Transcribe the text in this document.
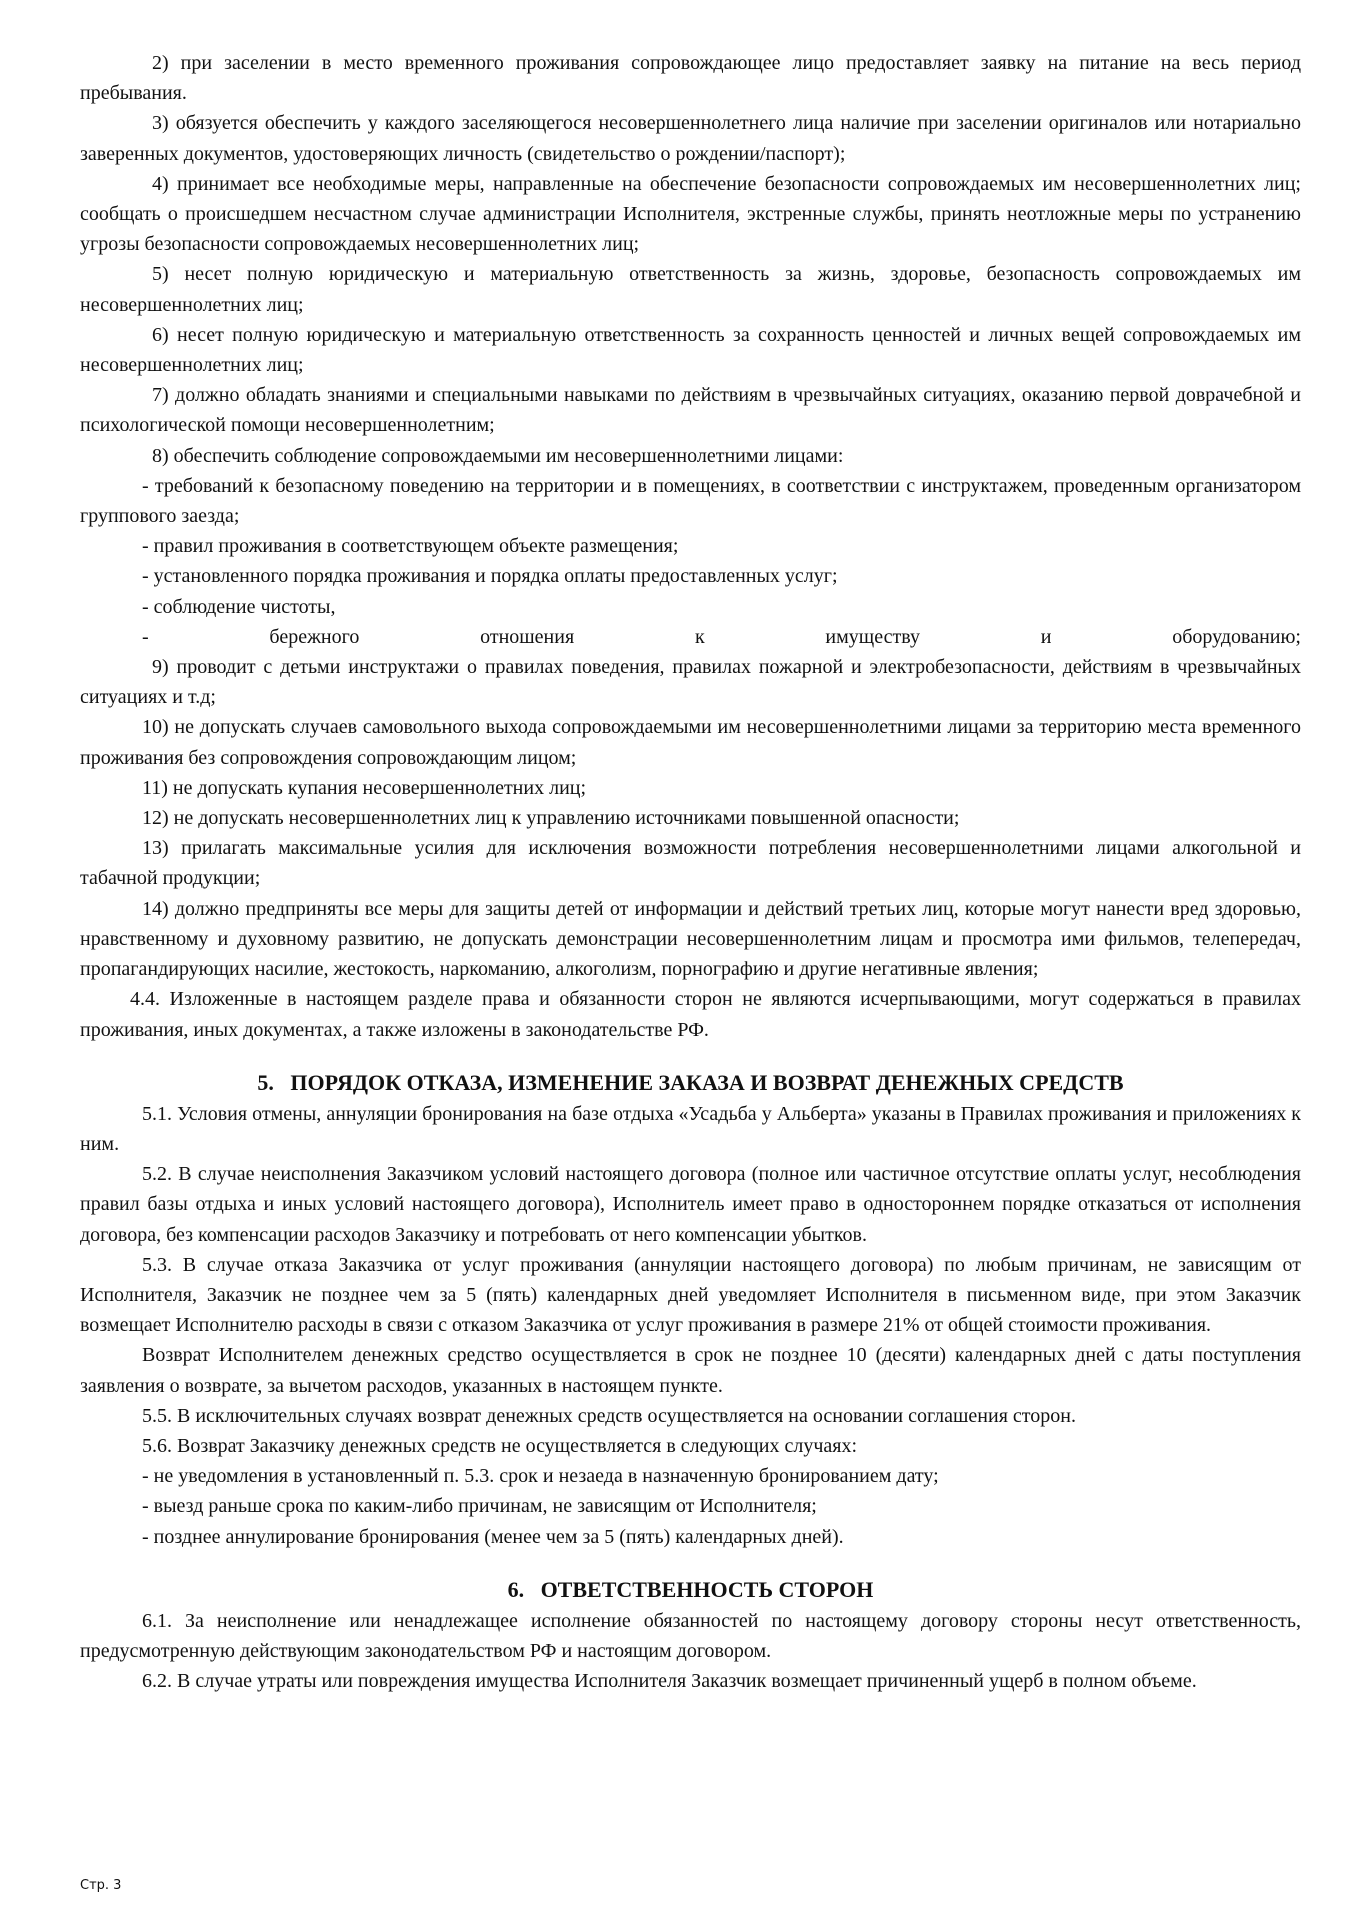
2) при заселении в место временного проживания сопровождающее лицо предоставляет заявку на питание на весь период пребывания.

3) обязуется обеспечить у каждого заселяющегося несовершеннолетнего лица наличие при заселении оригиналов или нотариально заверенных документов, удостоверяющих личность (свидетельство о рождении/паспорт);

4) принимает все необходимые меры, направленные на обеспечение безопасности сопровождаемых им несовершеннолетних лиц; сообщать о происшедшем несчастном случае администрации Исполнителя, экстренные службы, принять неотложные меры по устранению угрозы безопасности сопровождаемых несовершеннолетних лиц;

5) несет полную юридическую и материальную ответственность за жизнь, здоровье, безопасность сопровождаемых им несовершеннолетних лиц;

6) несет полную юридическую и материальную ответственность за сохранность ценностей и личных вещей сопровождаемых им несовершеннолетних лиц;

7) должно обладать знаниями и специальными навыками по действиям в чрезвычайных ситуациях, оказанию первой доврачебной и психологической помощи несовершеннолетним;

8) обеспечить соблюдение сопровождаемыми им несовершеннолетними лицами:

- требований к безопасному поведению на территории и в помещениях, в соответствии с инструктажем, проведенным организатором группового заезда;

- правил проживания в соответствующем объекте размещения;

- установленного порядка проживания и порядка оплаты предоставленных услуг;

- соблюдение чистоты,

- бережного отношения к имуществу и оборудованию;

9) проводит с детьми инструктажи о правилах поведения, правилах пожарной и электробезопасности, действиям в чрезвычайных ситуациях и т.д;

10) не допускать случаев самовольного выхода сопровождаемыми им несовершеннолетними лицами за территорию места временного проживания без сопровождения сопровождающим лицом;

11) не допускать купания несовершеннолетних лиц;

12) не допускать несовершеннолетних лиц к управлению источниками повышенной опасности;

13) прилагать максимальные усилия для исключения возможности потребления несовершеннолетними лицами алкогольной и табачной продукции;

14) должно предприняты все меры для защиты детей от информации и действий третьих лиц, которые могут нанести вред здоровью, нравственному и духовному развитию, не допускать демонстрации несовершеннолетним лицам и просмотра ими фильмов, телепередач, пропагандирующих насилие, жестокость, наркоманию, алкоголизм, порнографию и другие негативные явления;

4.4. Изложенные в настоящем разделе права и обязанности сторон не являются исчерпывающими, могут содержаться в правилах проживания, иных документах, а также изложены в законодательстве РФ.

5.   ПОРЯДОК ОТКАЗА, ИЗМЕНЕНИЕ ЗАКАЗА И ВОЗВРАТ ДЕНЕЖНЫХ СРЕДСТВ

5.1. Условия отмены, аннуляции бронирования на базе отдыха «Усадьба у Альберта» указаны в Правилах проживания и приложениях к ним.

5.2. В случае неисполнения Заказчиком условий настоящего договора (полное или частичное отсутствие оплаты услуг, несоблюдения правил базы отдыха и иных условий настоящего договора), Исполнитель имеет право в одностороннем порядке отказаться от исполнения договора, без компенсации расходов Заказчику и потребовать от него компенсации убытков.

5.3. В случае отказа Заказчика от услуг проживания (аннуляции настоящего договора) по любым причинам, не зависящим от Исполнителя, Заказчик не позднее чем за 5 (пять) календарных дней уведомляет Исполнителя в письменном виде, при этом Заказчик возмещает Исполнителю расходы в связи с отказом Заказчика от услуг проживания в размере 21% от общей стоимости проживания.

Возврат Исполнителем денежных средство осуществляется в срок не позднее 10 (десяти) календарных дней с даты поступления заявления о возврате, за вычетом расходов, указанных в настоящем пункте.

5.5. В исключительных случаях возврат денежных средств осуществляется на основании соглашения сторон.

5.6. Возврат Заказчику денежных средств не осуществляется в следующих случаях:

- не уведомления в установленный п. 5.3. срок и незаеда в назначенную бронированием дату;

- выезд раньше срока по каким-либо причинам, не зависящим от Исполнителя;

- позднее аннулирование бронирования (менее чем за 5 (пять) календарных дней).

6.   ОТВЕТСТВЕННОСТЬ СТОРОН

6.1. За неисполнение или ненадлежащее исполнение обязанностей по настоящему договору стороны несут ответственность, предусмотренную действующим законодательством РФ и настоящим договором.

6.2. В случае утраты или повреждения имущества Исполнителя Заказчик возмещает причиненный ущерб в полном объеме.

Стр. 3
